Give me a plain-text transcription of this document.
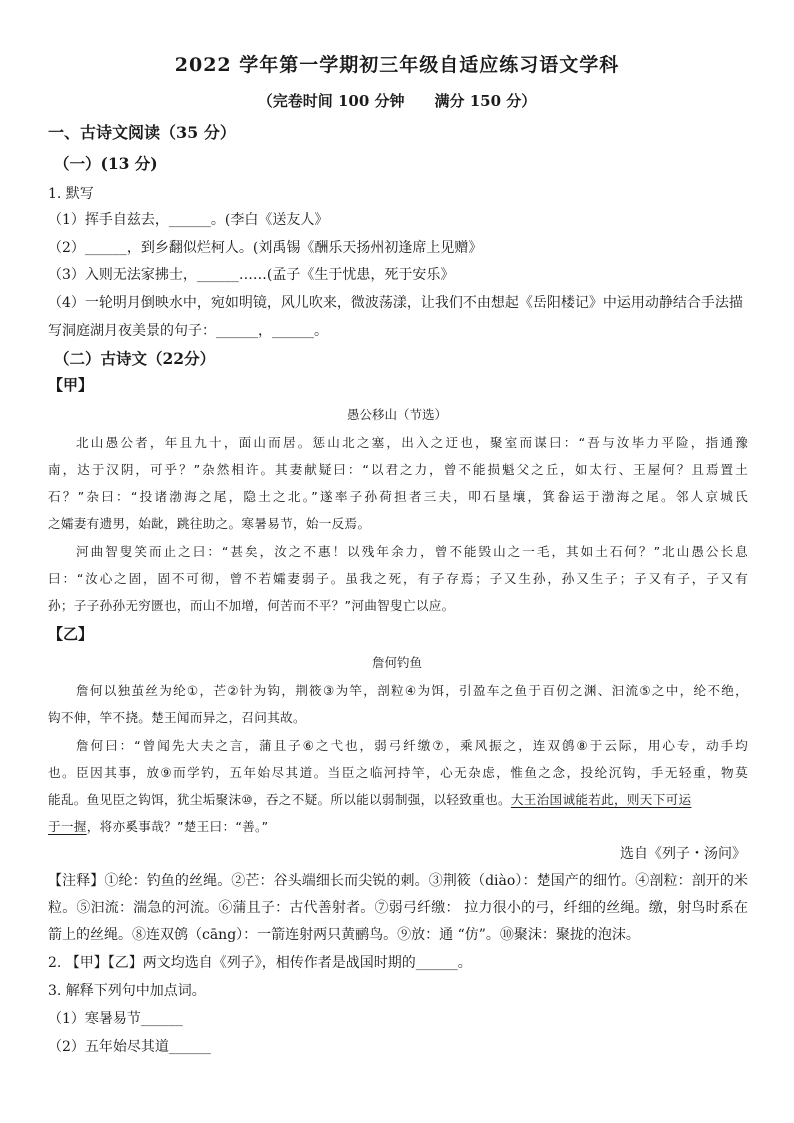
2022 学年第一学期初三年级自适应练习语文学科
（完卷时间 100 分钟　　满分 150 分）
一、古诗文阅读（35 分）
（一）(13 分)
1. 默写
（1）挥手自兹去，______。(李白《送友人》
（2）______，到乡翻似烂柯人。(刘禹锡《酬乐天扬州初逢席上见赠》
（3）入则无法家拂士，______……(孟子《生于忧患，死于安乐》
（4）一轮明月倒映水中，宛如明镜，风儿吹来，微波荡漾，让我们不由想起《岳阳楼记》中运用动静结合手法描
写洞庭湖月夜美景的句子：______，______。
（二）古诗文（22分）
【甲】
愚公移山（节选）
北山愚公者，年且九十，面山而居。惩山北之塞，出入之迂也，聚室而谋曰：“吾与汝毕力平险，指通豫
南，达于汉阴，可乎？”杂然相许。其妻献疑曰：“以君之力，曾不能损魁父之丘，如太行、王屋何？且焉置土
石？”杂曰：“投诸渤海之尾，隐土之北。”遂率子孙荷担者三夫，叩石垦壤，箕畚运于渤海之尾。邻人京城氏
之孀妻有遗男，始龀，跳往助之。寒暑易节，始一反焉。
河曲智叟笑而止之曰：“甚矣，汝之不惠！以残年余力，曾不能毁山之一毛，其如土石何？”北山愚公长息
曰：“汝心之固，固不可彻，曾不若孀妻弱子。虽我之死，有子存焉；子又生孙，孙又生子；子又有子，子又有
孙；子子孙孙无穷匮也，而山不加增，何苦而不平？”河曲智叟亡以应。
【乙】
詹何钓鱼
詹何以独茧丝为纶①，芒②针为钩，荆筱③为竿，剖粒④为饵，引盈车之鱼于百仞之渊、汩流⑤之中，纶不绝，
钩不伸，竿不挠。楚王闻而异之，召问其故。
詹何曰：“曾闻先大夫之言，蒲且子⑥之弋也，弱弓纤缴⑦，乘风振之，连双鸧⑧于云际，用心专，动手均
也。臣因其事，放⑨而学钓，五年始尽其道。当臣之临河持竿，心无杂虑，惟鱼之念，投纶沉钩，手无轻重，物莫
能乱。鱼见臣之钩饵，犹尘垢聚沫⑩，吞之不疑。所以能以弱制强，以轻致重也。大王治国诚能若此，则天下可运
于一握，将亦奚事哉？”楚王曰：“善。”
选自《列子・汤问》
【注释】①纶：钓鱼的丝绳。②芒：谷头端细长而尖锐的刺。③荆筱（diào）：楚国产的细竹。④剖粒：剖开的米
粒。⑤汩流：湍急的河流。⑥蒲且子：古代善射者。⑦弱弓纤缴： 拉力很小的弓，纤细的丝绳。缴，射鸟时系在
箭上的丝绳。⑧连双鸧（cāng）：一箭连射两只黄鹂鸟。⑨放：通 “仿”。⑩聚沫：聚拢的泡沫。
2. 【甲】【乙】两文均选自《列子》，相传作者是战国时期的______。
3. 解释下列句中加点词。
（1）寒暑易节______
（2）五年始尽其道______
